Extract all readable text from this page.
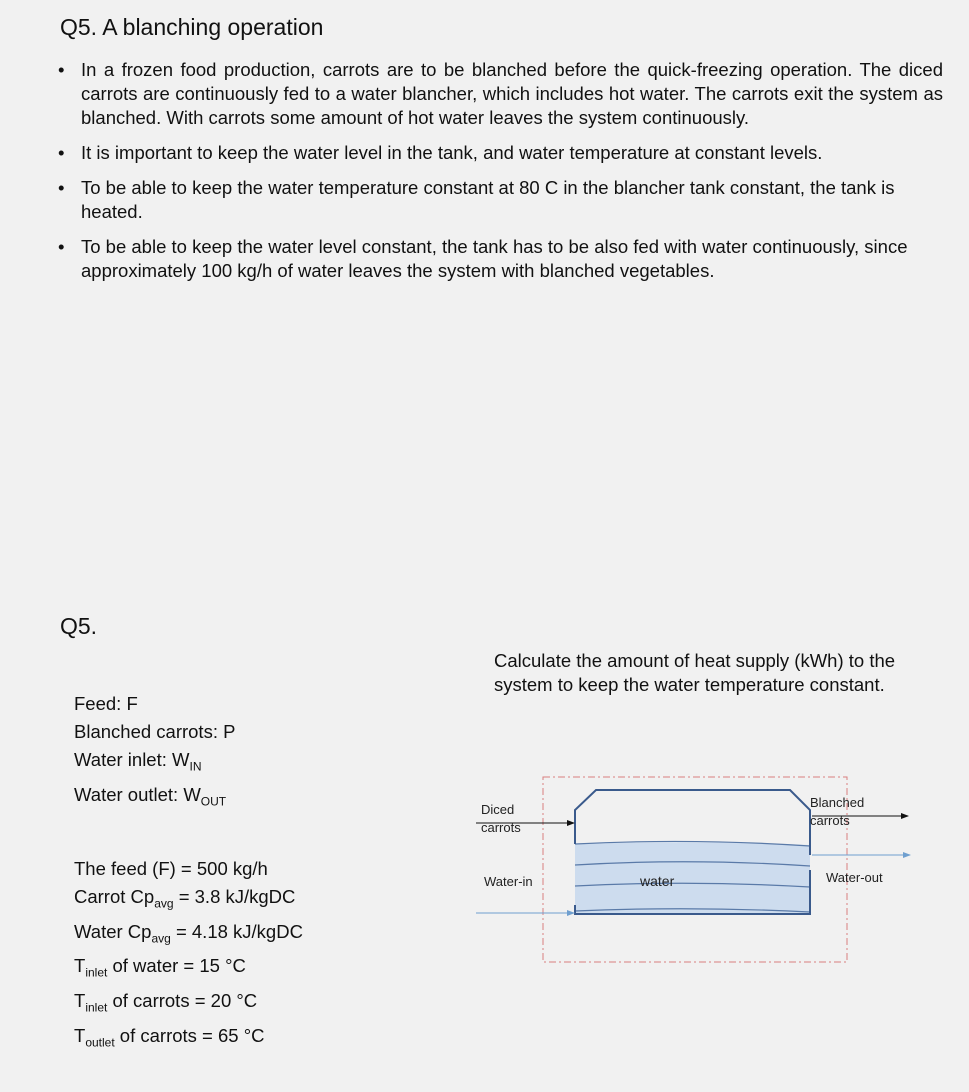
Q5. A blanching operation
• In a frozen food production, carrots are to be blanched before the quick-freezing operation. The diced carrots are continuously fed to a water blancher, which includes hot water. The carrots exit the system as blanched. With carrots some amount of hot water leaves the system continuously.
• It is important to keep the water level in the tank, and water temperature at constant levels.
• To be able to keep the water temperature constant at 80 C in the blancher tank constant, the tank is heated.
• To be able to keep the water level constant, the tank has to be also fed with water continuously, since approximately 100 kg/h of water leaves the system with blanched vegetables.
Q5.

Calculate the amount of heat supply (kWh) to the system to keep the water temperature constant.

Feed: F
Blanched carrots: P
Water inlet: $W_{IN}$
Water outlet: $W_{OUT}$
The feed (F) = 500 kg/h
Carrot $Cp_{avg} = 3.8$ kJ/kgDC
Water $Cp_{avg} = 4.18$ kJ/kgDC
$T_{inlet}$ of water = 15 °C
$T_{inlet}$ of carrots = 20 °C
$T_{outlet}$ of carrots = 65 °C
Diced carrots
Blanched carrots
Water-in	Water-out
water
